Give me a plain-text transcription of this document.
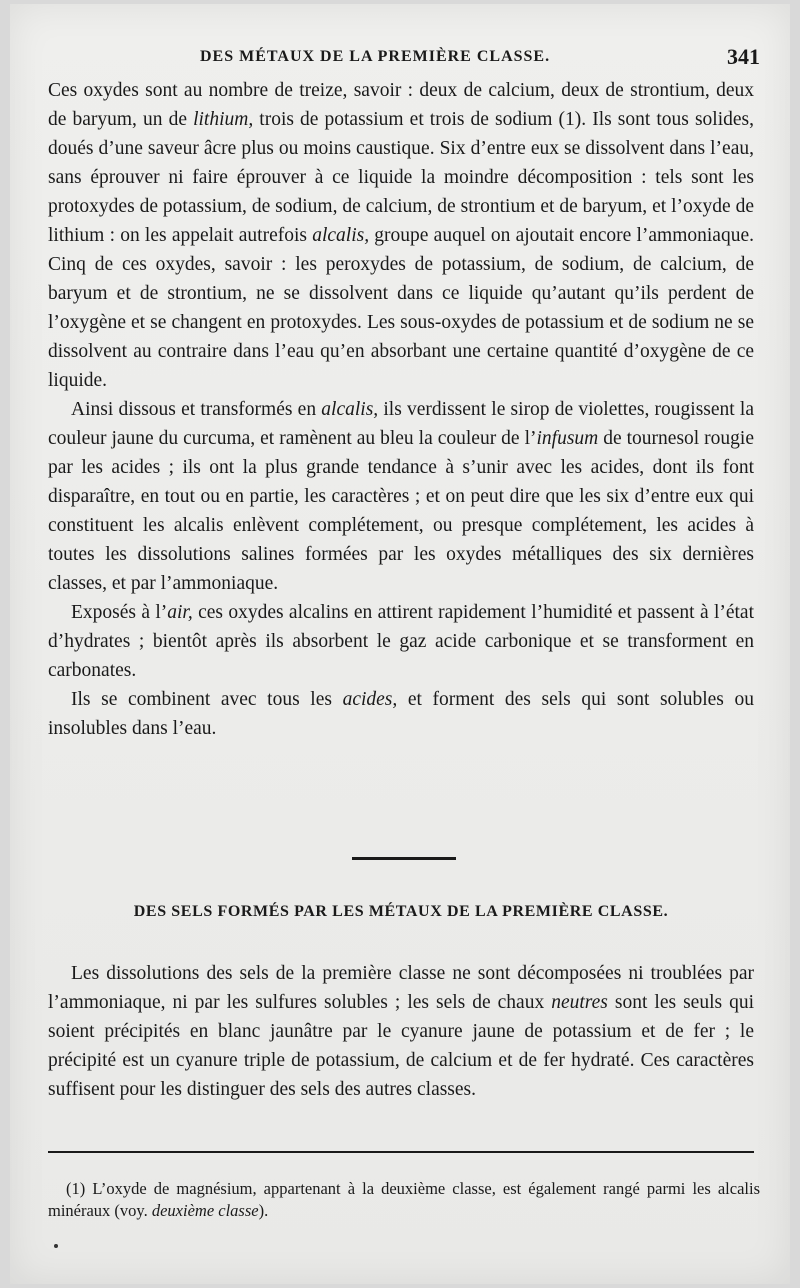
DES MÉTAUX DE LA PREMIÈRE CLASSE.	341

Ces oxydes sont au nombre de treize, savoir : deux de calcium, deux de strontium, deux de baryum, un de lithium, trois de potassium et trois de sodium (1). Ils sont tous solides, doués d’une saveur âcre plus ou moins caustique. Six d’entre eux se dissolvent dans l’eau, sans éprouver ni faire éprouver à ce liquide la moindre décomposition : tels sont les protoxydes de potassium, de sodium, de calcium, de strontium et de baryum, et l’oxyde de lithium : on les appelait autrefois alcalis, groupe auquel on ajoutait encore l’ammoniaque. Cinq de ces oxydes, savoir : les peroxydes de potassium, de sodium, de calcium, de baryum et de strontium, ne se dissolvent dans ce liquide qu’autant qu’ils perdent de l’oxygène et se changent en protoxydes. Les sous-oxydes de potassium et de sodium ne se dissolvent au contraire dans l’eau qu’en absorbant une certaine quantité d’oxygène de ce liquide.

Ainsi dissous et transformés en alcalis, ils verdissent le sirop de violettes, rougissent la couleur jaune du curcuma, et ramènent au bleu la couleur de l’infusum de tournesol rougie par les acides ; ils ont la plus grande tendance à s’unir avec les acides, dont ils font disparaître, en tout ou en partie, les caractères ; et on peut dire que les six d’entre eux qui constituent les alcalis enlèvent complétement, ou presque complétement, les acides à toutes les dissolutions salines formées par les oxydes métalliques des six dernières classes, et par l’ammoniaque.

Exposés à l’air, ces oxydes alcalins en attirent rapidement l’humidité et passent à l’état d’hydrates ; bientôt après ils absorbent le gaz acide carbonique et se transforment en carbonates.

Ils se combinent avec tous les acides, et forment des sels qui sont solubles ou insolubles dans l’eau.

DES SELS FORMÉS PAR LES MÉTAUX DE LA PREMIÈRE CLASSE.

Les dissolutions des sels de la première classe ne sont décomposées ni troublées par l’ammoniaque, ni par les sulfures solubles ; les sels de chaux neutres sont les seuls qui soient précipités en blanc jaunâtre par le cyanure jaune de potassium et de fer ; le précipité est un cyanure triple de potassium, de calcium et de fer hydraté. Ces caractères suffisent pour les distinguer des sels des autres classes.

(1) L’oxyde de magnésium, appartenant à la deuxième classe, est également rangé parmi les alcalis minéraux (voy. deuxième classe).
